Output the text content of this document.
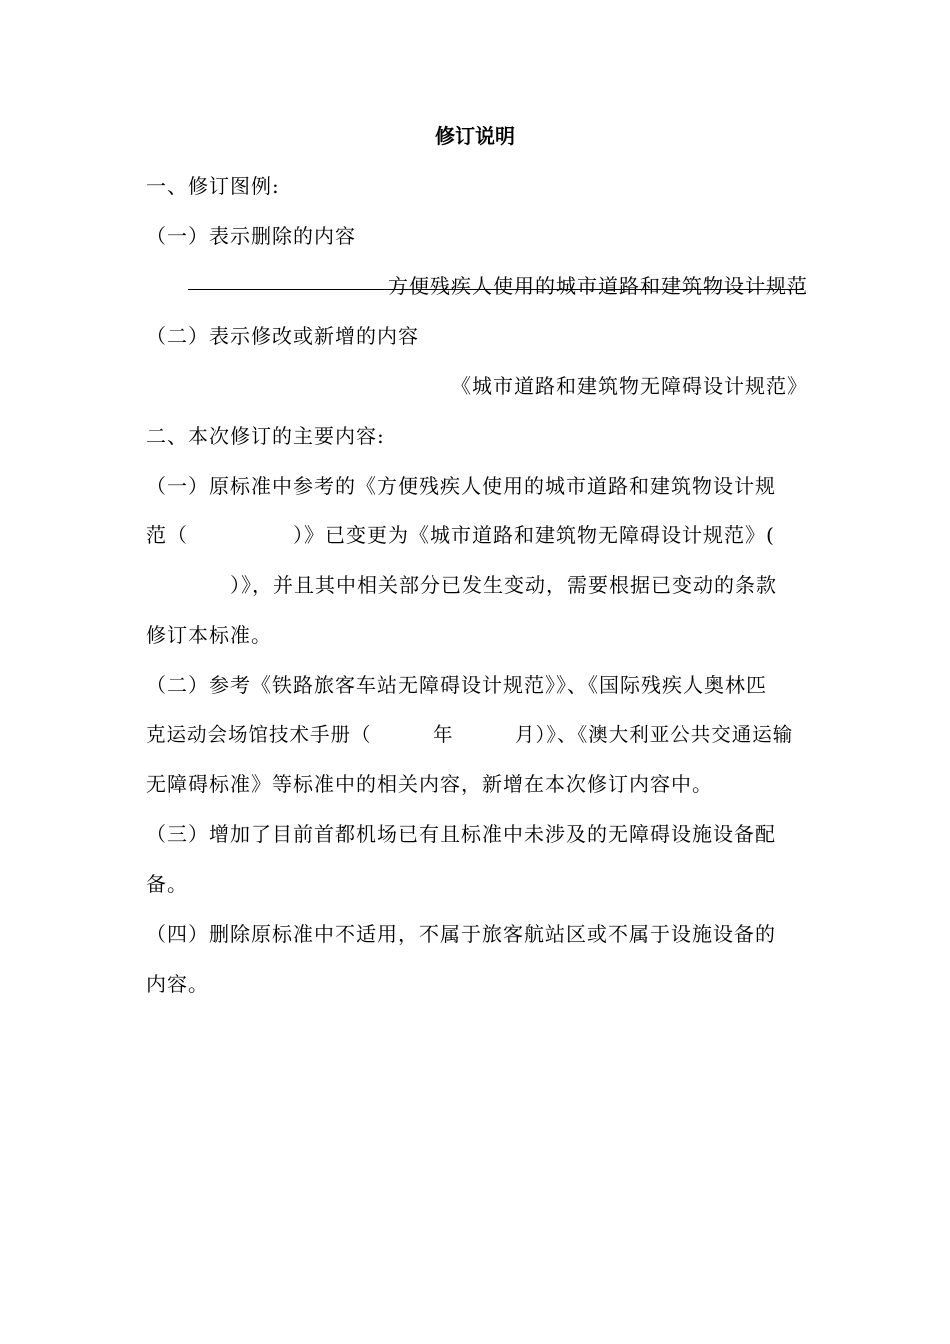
修订说明
一、修订图例:
（一）表示删除的内容
方便残疾人使用的城市道路和建筑物设计规范
（二）表示修改或新增的内容
《城市道路和建筑物无障碍设计规范》
二、本次修订的主要内容:
（一）原标准中参考的《方便残疾人使用的城市道路和建筑物设计规
范（　　　　　）》已变更为《城市道路和建筑物无障碍设计规范》(
　　　　）》，并且其中相关部分已发生变动，需要根据已变动的条款
修订本标准。
（二）参考《铁路旅客车站无障碍设计规范》》、《国际残疾人奥林匹
克运动会场馆技术手册（　　　年　　　月）》、《澳大利亚公共交通运输
无障碍标准》等标准中的相关内容，新增在本次修订内容中。
（三）增加了目前首都机场已有且标准中未涉及的无障碍设施设备配
备。
（四）删除原标准中不适用，不属于旅客航站区或不属于设施设备的
内容。
